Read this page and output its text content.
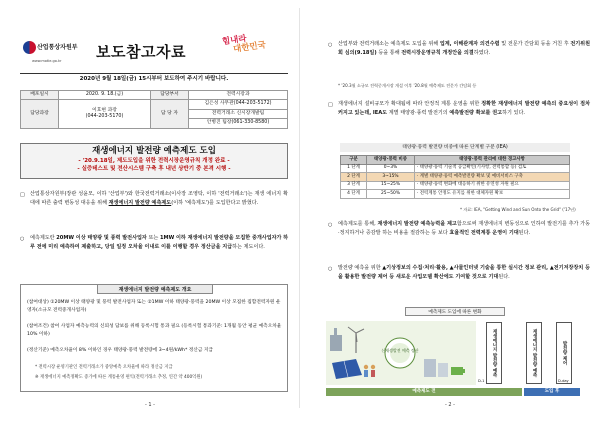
산업통상자원부
www.motie.go.kr 보도참고자료
힘내라
대한민국
2020년 9월 18일(금) 15시부터 보도하여 주시기 바랍니다.
배포일시	2020. 9. 18.(금)	담당부서	전력시장과
담당과장	이호현 과장
(044-203-5170)	담 당 자	김은성 사무관(044-203-5172)
			전력거래소 신시장개발팀
			안병진 팀장(061-330-8580)
재생에너지 발전량 예측제도 도입
- '20.9.18일, 제도도입을 위한 전력시장운영규칙 개정 완료 -
- 실증테스트 및 전산시스템 구축 후 내년 상반기 중 본격 시행 -
□ 산업통상자원부(장관 성윤모, 이하 '산업부')와 한국전력거래소(이사장 조영탁, 이하 '전력거래소')는 재생 에너지 확대에 따른 출력 변동성 대응을 위해 재생에너지 발전량 예측제도(이하 '예측제도')를 도입한다고 밝혔다.
○ 예측제도란 20MW 이상 태양광 및 풍력 발전사업자 또는 1MW 이하 재생에너지 발전량을 모집한 중개사업자가 하루 전에 미리 예측하여 제출하고, 당일 일정 오차율 이내로 이를 이행할 경우 정산금을 지급하는 제도이다.
재생에너지 발전량 예측제도 개요
(참여대상) ①20MW 이상 태양광 및 풍력 발전사업자 또는 ②1MW 이하 태양광·풍력을 20MW 이상 모집한 집합전력자원 운영자(소규모 전력중개사업자)
(참여조건) 참여 사업자 예측능력의 신뢰성 담보를 위해 등록시험 통과 필요 (등록시험 통과기준: 1개월 동안 평균 예측오차율 10% 이하)
(정산기준) 예측오차율이 8% 이하인 경우 태양광·풍력 발전량에 3~4원/kWh* 정산금 지급
* 전력시장 운영기관인 전력거래소가 중앙예측 오차율에 따라 정산금 지급
※ 재생에너지 예측정확도 증가에 따른 계통운영 편익(전력거래소 추정, 연간 약 400억원)
- 1 -
○ 산업부와 전력거래소는 예측제도 도입을 위해 업계, 이해관계자 의견수렴 및 전문가 간담회 등을 거친 후 전기위원회 심의(9.18일) 등을 통해 전력시장운영규칙 개정안을 의결하였다.
* '20.3월 소규모 전력중개시장 개설 이후 '20.8월 예측제도 전문가 간담회 등
□ 재생에너지 설비규모가 확대됨에 따라 안정적 계통 운영을 위한 정확한 재생에너지 발전량 예측의 중요성이 점차 커지고 있는데, IEA도 계별 태양광·풍력 발전기의 예측발전량 확보를 권고하기 있다.
태양광·풍력 발전량 비중에 따른 단계별 구분 (IEA)
구분	태양광·풍력 비중	태양광·풍력 관리에 대한 경고사항
1 단계	0~3%	· 태양광·풍력 기술적 공급확인(기사항, 전력통합 등) 검토
2 단계	3~15%	· 계별 태양광·풍력 예측발전량 확보 및 예비서비스 구축
3 단계	15~25%	· 태양광·풍력 변화에 대응하기 위한 유연성 자원 필요
4 단계	25~50%	· 전력계통 안정도 유지를 위한 대체자원 확보
* 자료: IEA, "Getting Wind and Sun Onto the Grid" ('17년)
○ 예측제도를 통해, 재생에너지 발전량 예측능력을 제고함으로써 재생에너지 변동성으로 인하여 발전기를 추가 가동·정지하거나 증감발 하는 비용을 절감하는 등 보다 효율적인 전력계통 운영이 기대된다.
○ 발전량 예측을 위한 ▲기상정보의 수집·처리·활용, ▲사물인터넷 기술을 통한 실시간 정보 관리, ▲전기저장장치 등을 활용한 발전량 제어 등 새로운 사업모델 확산에도 기여할 것으로 기대된다.
예측제도 도입에 따른 변화
신재생발전 예측 정산	재생에너지 발전량 예측	재생에너지 발전량 예측	발전량 제어
D-1	D-day
예측제도 전	도입 후
- 2 -
